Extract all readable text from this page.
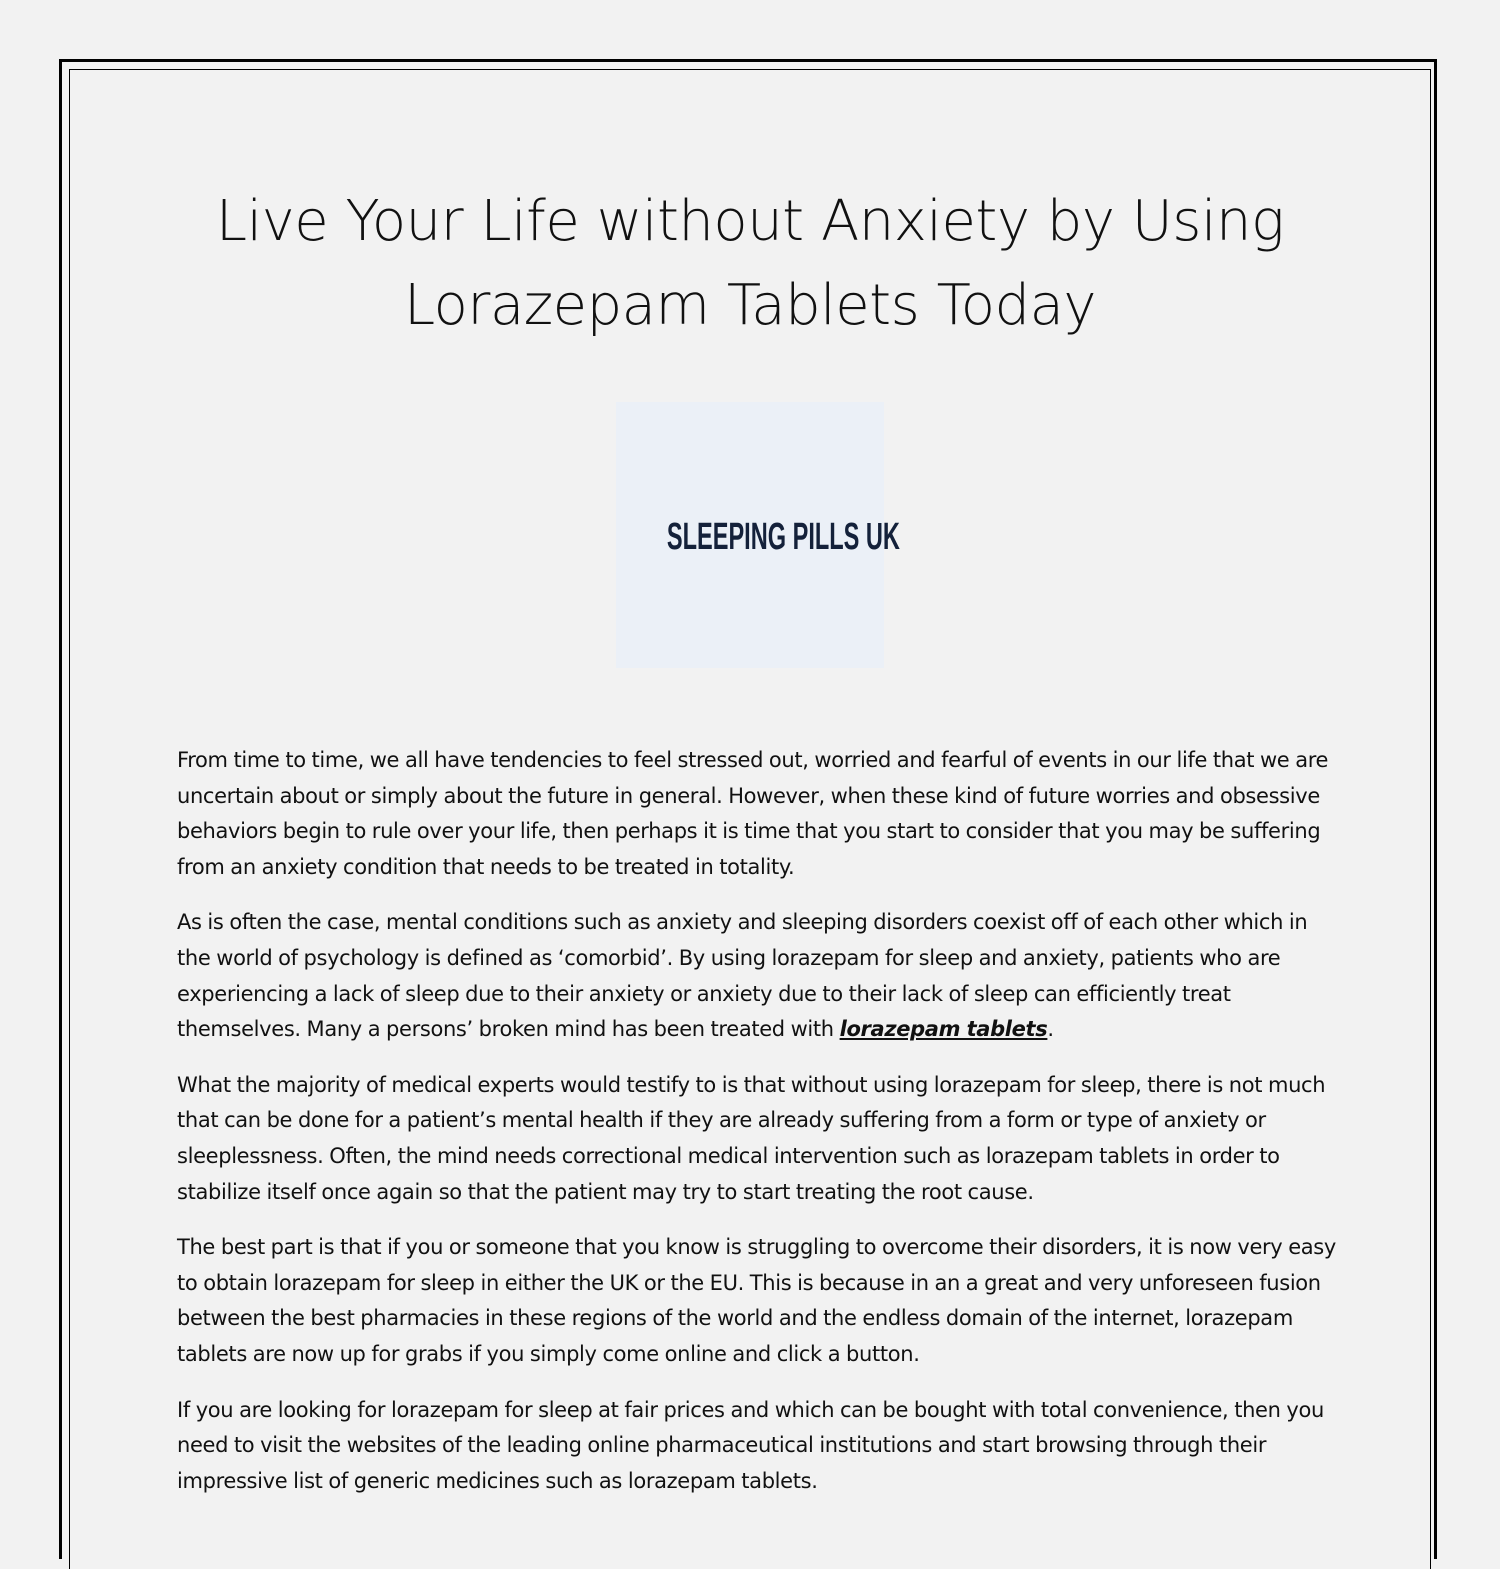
Live Your Life without Anxiety by Using Lorazepam Tablets Today
SLEEPING PILLS UK

From time to time, we all have tendencies to feel stressed out, worried and fearful of events in our life that we are uncertain about or simply about the future in general. However, when these kind of future worries and obsessive behaviors begin to rule over your life, then perhaps it is time that you start to consider that you may be suffering from an anxiety condition that needs to be treated in totality.

As is often the case, mental conditions such as anxiety and sleeping disorders coexist off of each other which in the world of psychology is defined as ‘comorbid’. By using lorazepam for sleep and anxiety, patients who are experiencing a lack of sleep due to their anxiety or anxiety due to their lack of sleep can efficiently treat themselves. Many a persons’ broken mind has been treated with lorazepam tablets.

What the majority of medical experts would testify to is that without using lorazepam for sleep, there is not much that can be done for a patient’s mental health if they are already suffering from a form or type of anxiety or sleeplessness. Often, the mind needs correctional medical intervention such as lorazepam tablets in order to stabilize itself once again so that the patient may try to start treating the root cause.

The best part is that if you or someone that you know is struggling to overcome their disorders, it is now very easy to obtain lorazepam for sleep in either the UK or the EU. This is because in an a great and very unforeseen fusion between the best pharmacies in these regions of the world and the endless domain of the internet, lorazepam tablets are now up for grabs if you simply come online and click a button.

If you are looking for lorazepam for sleep at fair prices and which can be bought with total convenience, then you need to visit the websites of the leading online pharmaceutical institutions and start browsing through their impressive list of generic medicines such as lorazepam tablets.
